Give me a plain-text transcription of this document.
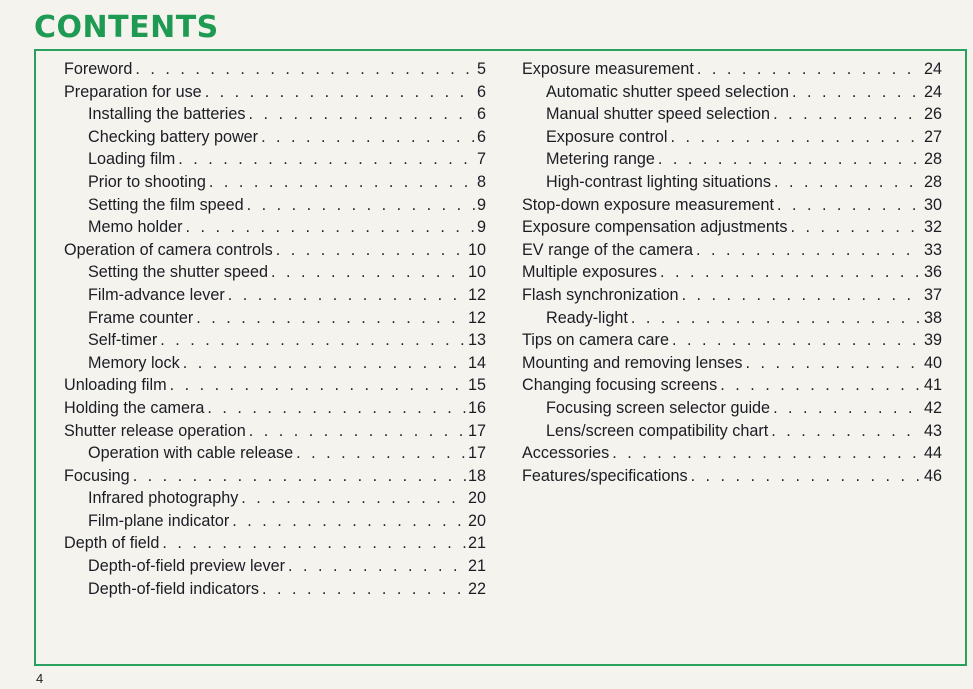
CONTENTS
Foreword . . .	5
Preparation for use . . .	6
Installing the batteries . . .	6
Checking battery power . . .	6
Loading film . . .	7
Prior to shooting . . .	8
Setting the film speed . . .	9
Memo holder . . .	9
Operation of camera controls . . .	10
Setting the shutter speed . . .	10
Film-advance lever . . .	12
Frame counter . . .	12
Self-timer . . .	13
Memory lock . . .	14
Unloading film . . .	15
Holding the camera . . .	16
Shutter release operation . . .	17
Operation with cable release . . .	17
Focusing . . .	18
Infrared photography . . .	20
Film-plane indicator . . .	20
Depth of field . . .	21
Depth-of-field preview lever . . .	21
Depth-of-field indicators . . .	22
Exposure measurement . . .	24
Automatic shutter speed selection . . .	24
Manual shutter speed selection . . .	26
Exposure control . . .	27
Metering range . . .	28
High-contrast lighting situations . . .	28
Stop-down exposure measurement . . .	30
Exposure compensation adjustments . . .	32
EV range of the camera . . .	33
Multiple exposures . . .	36
Flash synchronization . . .	37
Ready-light . . .	38
Tips on camera care . . .	39
Mounting and removing lenses . . .	40
Changing focusing screens . . .	41
Focusing screen selector guide . . .	42
Lens/screen compatibility chart . . .	43
Accessories . . .	44
Features/specifications . . .	46
4
